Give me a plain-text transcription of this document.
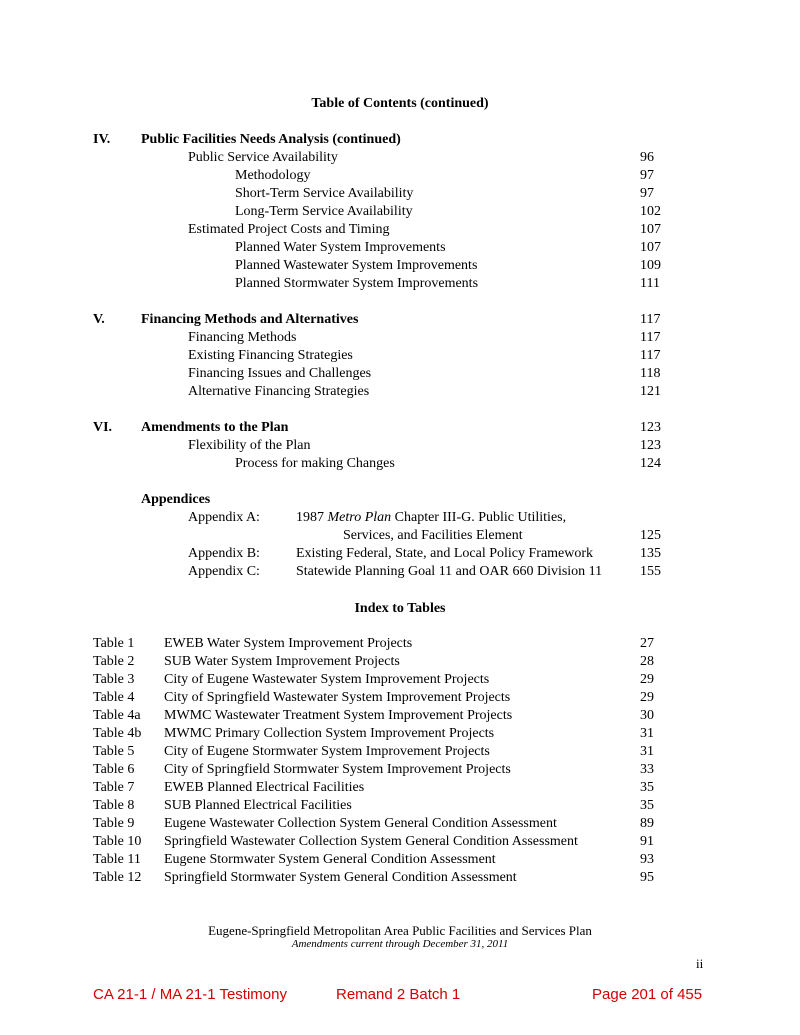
Table of Contents (continued)
IV. Public Facilities Needs Analysis (continued)
Public Service Availability	96
Methodology	97
Short-Term Service Availability	97
Long-Term Service Availability	102
Estimated Project Costs and Timing	107
Planned Water System Improvements	107
Planned Wastewater System Improvements	109
Planned Stormwater System Improvements	111
V.	Financing Methods and Alternatives	117
Financing Methods	117
Existing Financing Strategies	117
Financing Issues and Challenges	118
Alternative Financing Strategies	121
VI. Amendments to the Plan	123
Flexibility of the Plan	123
Process for making Changes	124
Appendices
Appendix A:	1987 Metro Plan Chapter III-G. Public Utilities,
Services, and Facilities Element	125
Appendix B:	Existing Federal, State, and Local Policy Framework	135
Appendix C:	Statewide Planning Goal 11 and OAR 660 Division 11	155
Index to Tables
Table 1 EWEB Water System Improvement Projects	27
Table 2 SUB Water System Improvement Projects	28
Table 3 City of Eugene Wastewater System Improvement Projects	29
Table 4 City of Springfield Wastewater System Improvement Projects	29
Table 4a MWMC Wastewater Treatment System Improvement Projects	30
Table 4b MWMC Primary Collection System Improvement Projects	31
Table 5 City of Eugene Stormwater System Improvement Projects	31
Table 6 City of Springfield Stormwater System Improvement Projects	33
Table 7 EWEB Planned Electrical Facilities	35
Table 8 SUB Planned Electrical Facilities	35
Table 9 Eugene Wastewater Collection System General Condition Assessment	89
Table 10 Springfield Wastewater Collection System General Condition Assessment	91
Table 11 Eugene Stormwater System General Condition Assessment	93
Table 12 Springfield Stormwater System General Condition Assessment	95
Eugene-Springfield Metropolitan Area Public Facilities and Services Plan
Amendments current through December 31, 2011
ii
CA 21-1 / MA 21-1 Testimony	Remand 2 Batch 1	Page 201 of 455
